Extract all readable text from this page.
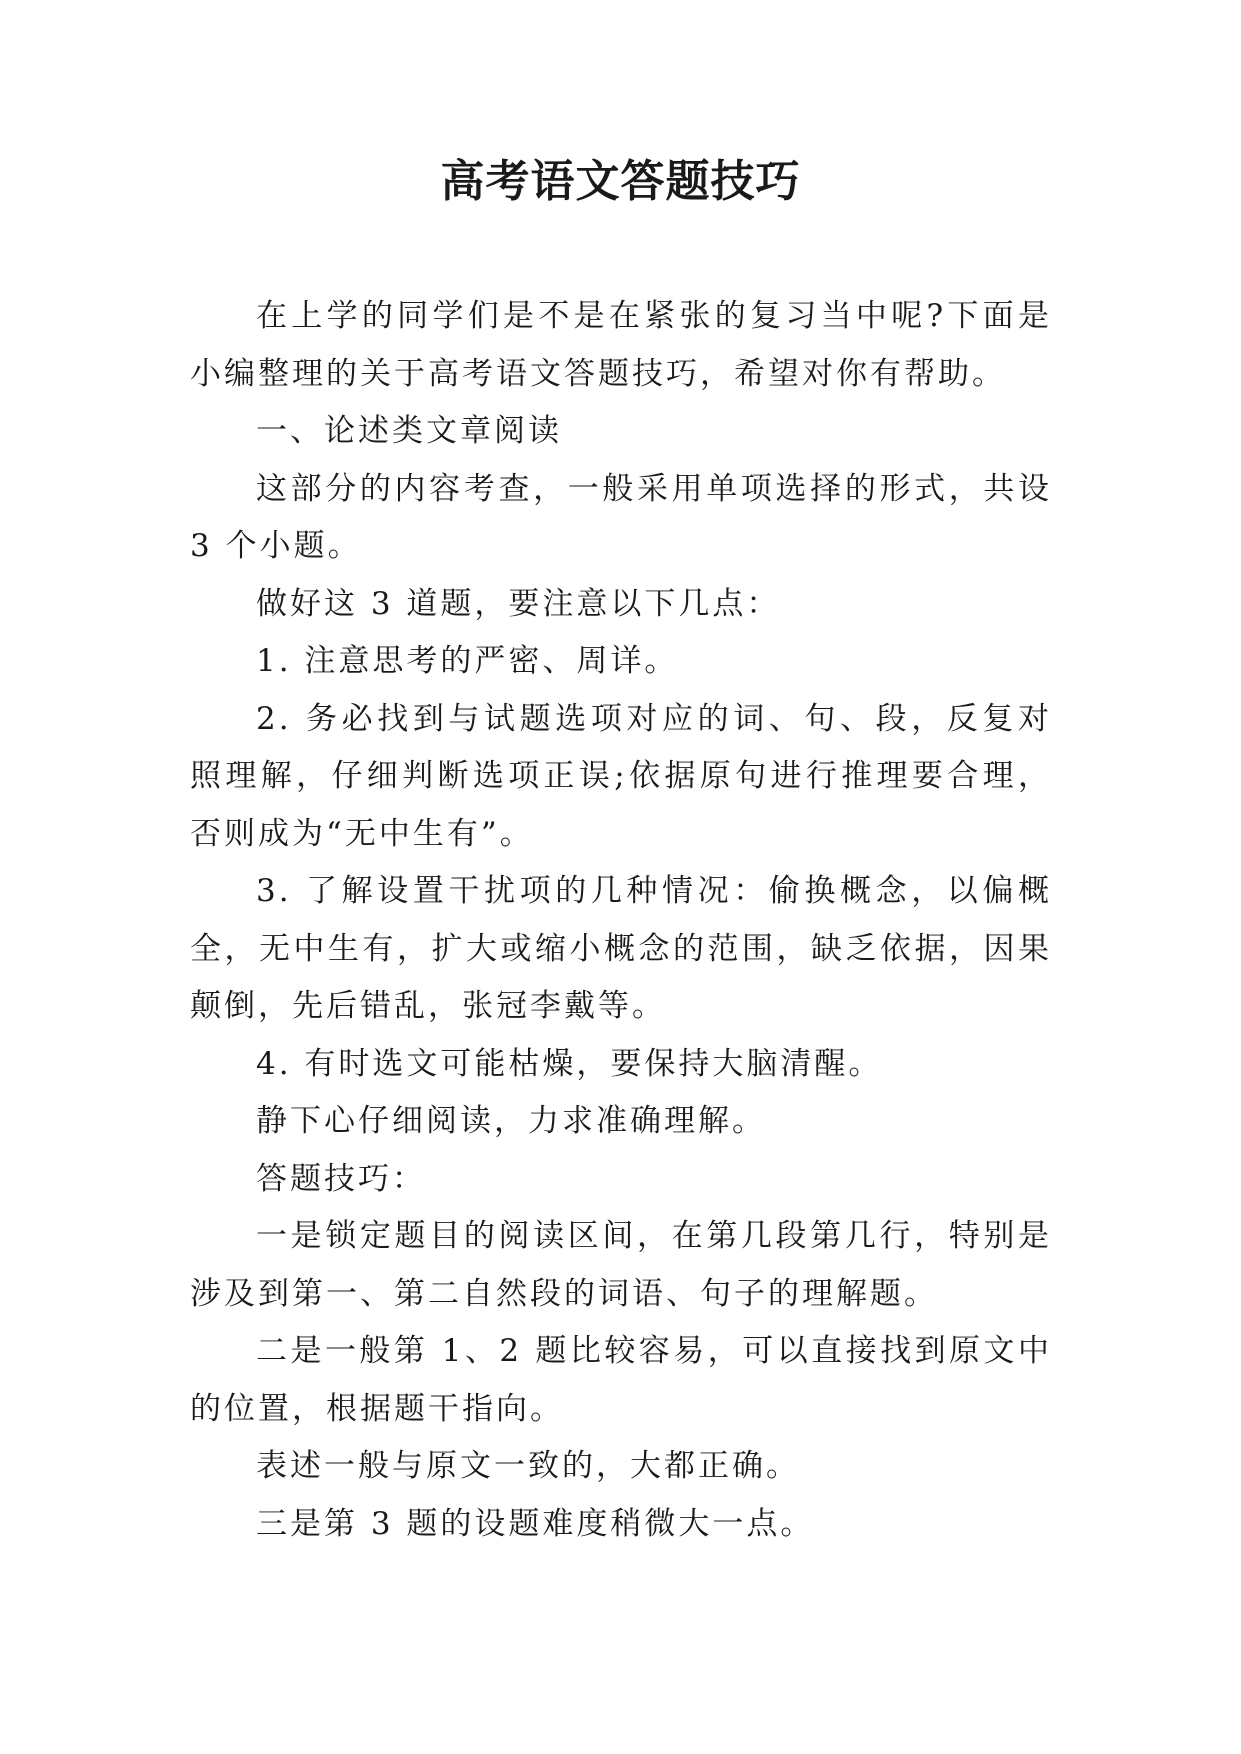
高考语文答题技巧

在上学的同学们是不是在紧张的复习当中呢?下面是小编整理的关于高考语文答题技巧，希望对你有帮助。

一、论述类文章阅读

这部分的内容考查，一般采用单项选择的形式，共设 3 个小题。

做好这 3 道题，要注意以下几点：

1. 注意思考的严密、周详。

2. 务必找到与试题选项对应的词、句、段，反复对照理解，仔细判断选项正误;依据原句进行推理要合理，否则成为“无中生有”。

3. 了解设置干扰项的几种情况：偷换概念，以偏概全，无中生有，扩大或缩小概念的范围，缺乏依据，因果颠倒，先后错乱，张冠李戴等。

4. 有时选文可能枯燥，要保持大脑清醒。

静下心仔细阅读，力求准确理解。

答题技巧：

一是锁定题目的阅读区间，在第几段第几行，特别是涉及到第一、第二自然段的词语、句子的理解题。

二是一般第 1、2 题比较容易，可以直接找到原文中的位置，根据题干指向。

表述一般与原文一致的，大都正确。

三是第 3 题的设题难度稍微大一点。
